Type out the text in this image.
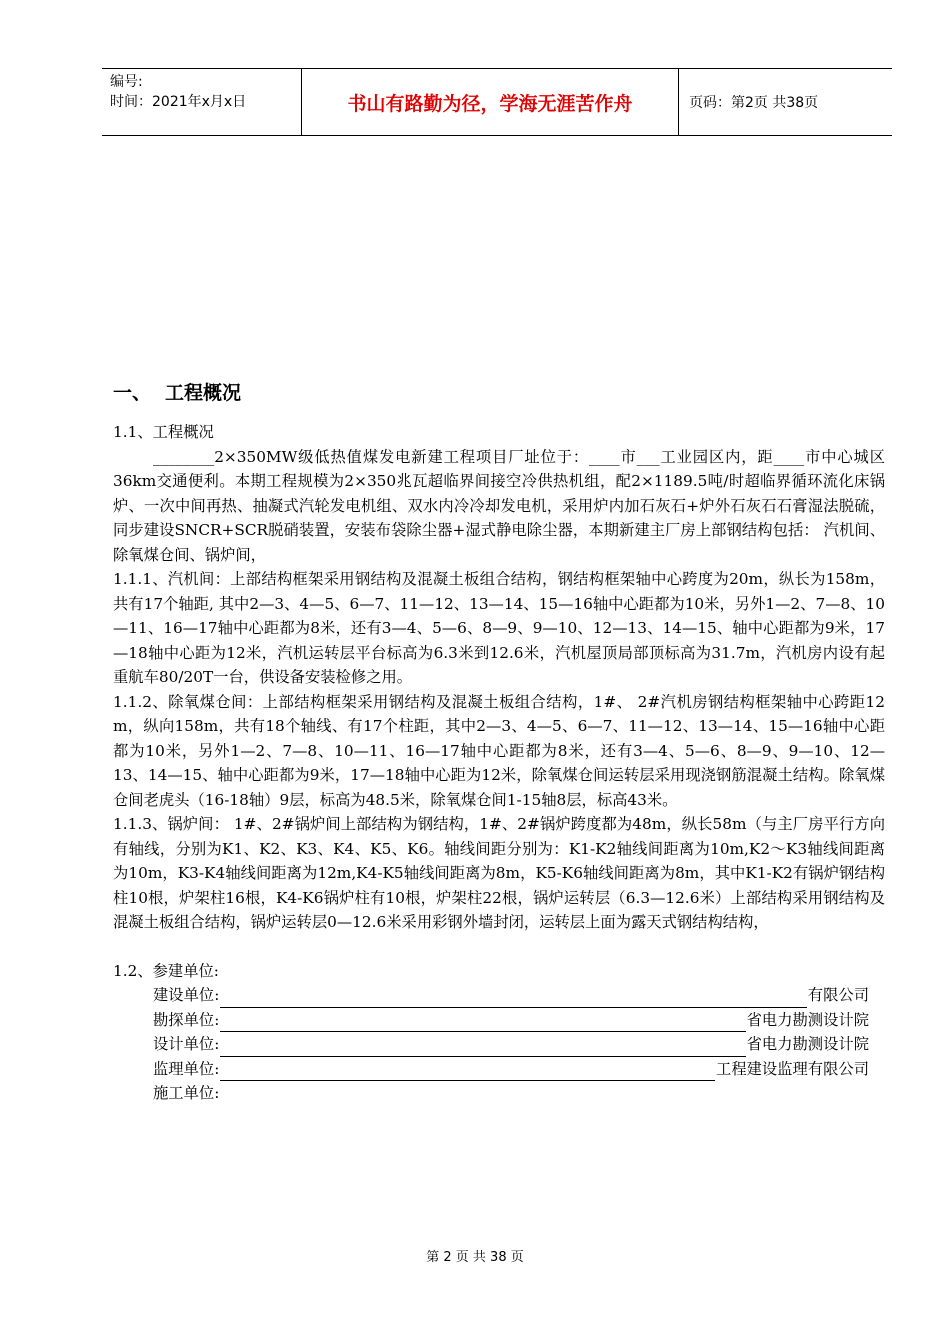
编号:
时间：2021年x月x日	书山有路勤为径，学海无涯苦作舟	页码：第2页 共38页
一、 工程概况

1.1、工程概况

________2×350MW级低热值煤发电新建工程项目厂址位于：____市___工业园区内，距____市中心城区36km交通便利。本期工程规模为2×350兆瓦超临界间接空冷供热机组，配2×1189.5吨/时超临界循环流化床锅炉、一次中间再热、抽凝式汽轮发电机组、双水内冷冷却发电机，采用炉内加石灰石+炉外石灰石石膏湿法脱硫，同步建设SNCR+SCR脱硝装置，安装布袋除尘器+湿式静电除尘器，本期新建主厂房上部钢结构包括： 汽机间、除氧煤仓间、锅炉间，

1.1.1、汽机间：上部结构框架采用钢结构及混凝土板组合结构，钢结构框架轴中心跨度为20m，纵长为158m，共有17个轴距, 其中2—3、4—5、6—7、11—12、13—14、15—16轴中心距都为10米，另外1—2、7—8、10—11、16—17轴中心距都为8米，还有3—4、5—6、8—9、9—10、12—13、14—15、轴中心距都为9米，17—18轴中心距为12米，汽机运转层平台标高为6.3米到12.6米，汽机屋顶局部顶标高为31.7m，汽机房内设有起重航车80/20T一台，供设备安装检修之用。

1.1.2、除氧煤仓间：上部结构框架采用钢结构及混凝土板组合结构，1#、 2#汽机房钢结构框架轴中心跨距12 m，纵向158m，共有18个轴线、有17个柱距，其中2—3、4—5、6—7、11—12、13—14、15—16轴中心距都为10米，另外1—2、7—8、10—11、16—17轴中心距都为8米，还有3—4、5—6、8—9、9—10、12—13、14—15、轴中心距都为9米，17—18轴中心距为12米，除氧煤仓间运转层采用现浇钢筋混凝土结构。除氧煤仓间老虎头（16-18轴）9层，标高为48.5米，除氧煤仓间1-15轴8层，标高43米。

1.1.3、锅炉间： 1#、2#锅炉间上部结构为钢结构，1#、2#锅炉跨度都为48m，纵长58m（与主厂房平行方向有轴线，分别为K1、K2、K3、K4、K5、K6。轴线间距分别为：K1-K2轴线间距离为10m,K2～K3轴线间距离为10m，K3-K4轴线间距离为12m,K4-K5轴线间距离为8m，K5-K6轴线间距离为8m，其中K1-K2有锅炉钢结构柱10根，炉架柱16根，K4-K6锅炉柱有10根，炉架柱22根，锅炉运转层（6.3—12.6米）上部结构采用钢结构及混凝土板组合结构，锅炉运转层0—12.6米采用彩钢外墙封闭，运转层上面为露天式钢结构结构，

1.2、参建单位:

建设单位:	有限公司
勘探单位:	省电力勘测设计院
设计单位:	省电力勘测设计院
监理单位:	工程建设监理有限公司
施工单位:
第 2 页 共 38 页
